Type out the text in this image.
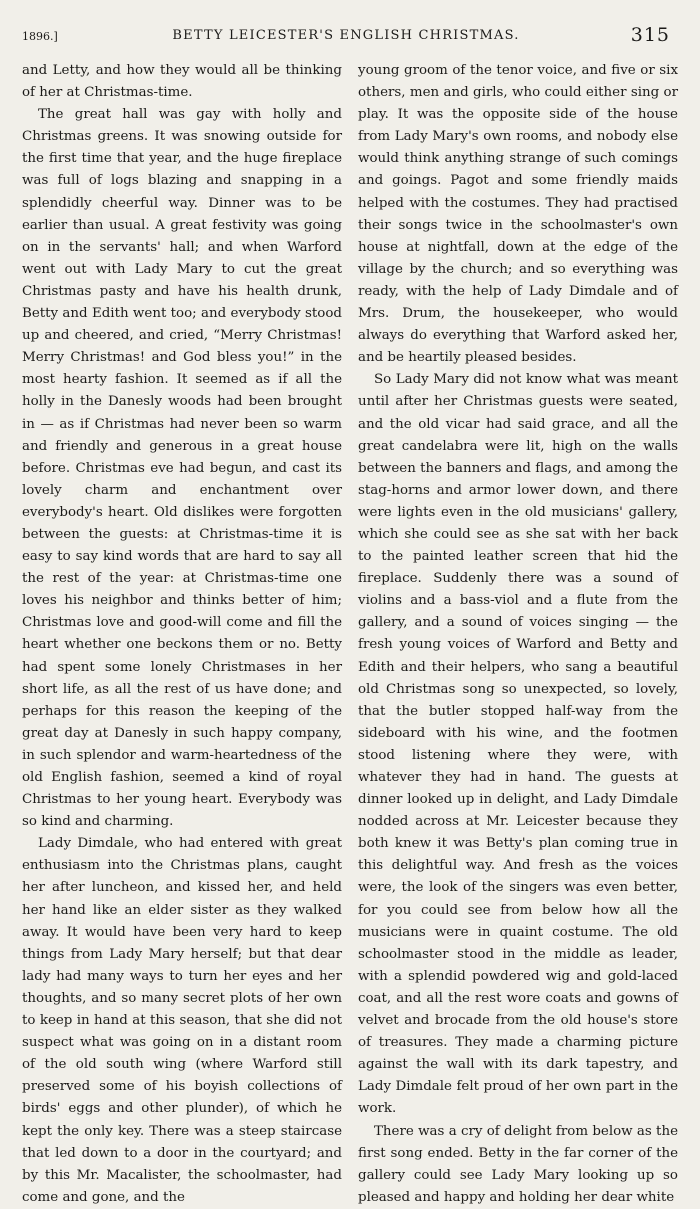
1896.]	BETTY LEICESTER'S ENGLISH CHRISTMAS.	315

and Letty, and how they would all be thinking of her at Christmas-time.

The great hall was gay with holly and Christmas greens. It was snowing outside for the first time that year, and the huge fireplace was full of logs blazing and snapping in a splendidly cheerful way. Dinner was to be earlier than usual. A great festivity was going on in the servants' hall; and when Warford went out with Lady Mary to cut the great Christmas pasty and have his health drunk, Betty and Edith went too; and everybody stood up and cheered, and cried, “Merry Christmas! Merry Christmas! and God bless you!” in the most hearty fashion. It seemed as if all the holly in the Danesly woods had been brought in — as if Christmas had never been so warm and friendly and generous in a great house before. Christmas eve had begun, and cast its lovely charm and enchantment over everybody's heart. Old dislikes were forgotten between the guests: at Christmas-time it is easy to say kind words that are hard to say all the rest of the year: at Christmas-time one loves his neighbor and thinks better of him; Christmas love and good-will come and fill the heart whether one beckons them or no. Betty had spent some lonely Christmases in her short life, as all the rest of us have done; and perhaps for this reason the keeping of the great day at Danesly in such happy company, in such splendor and warm-heartedness of the old English fashion, seemed a kind of royal Christmas to her young heart. Everybody was so kind and charming.

Lady Dimdale, who had entered with great enthusiasm into the Christmas plans, caught her after luncheon, and kissed her, and held her hand like an elder sister as they walked away. It would have been very hard to keep things from Lady Mary herself; but that dear lady had many ways to turn her eyes and her thoughts, and so many secret plots of her own to keep in hand at this season, that she did not suspect what was going on in a distant room of the old south wing (where Warford still preserved some of his boyish collections of birds' eggs and other plunder), of which he kept the only key. There was a steep staircase that led down to a door in the courtyard; and by this Mr. Macalister, the schoolmaster, had come and gone, and the

young groom of the tenor voice, and five or six others, men and girls, who could either sing or play. It was the opposite side of the house from Lady Mary's own rooms, and nobody else would think anything strange of such comings and goings. Pagot and some friendly maids helped with the costumes. They had practised their songs twice in the schoolmaster's own house at nightfall, down at the edge of the village by the church; and so everything was ready, with the help of Lady Dimdale and of Mrs. Drum, the housekeeper, who would always do everything that Warford asked her, and be heartily pleased besides.

So Lady Mary did not know what was meant until after her Christmas guests were seated, and the old vicar had said grace, and all the great candelabra were lit, high on the walls between the banners and flags, and among the stag-horns and armor lower down, and there were lights even in the old musicians' gallery, which she could see as she sat with her back to the painted leather screen that hid the fireplace. Suddenly there was a sound of violins and a bass-viol and a flute from the gallery, and a sound of voices singing — the fresh young voices of Warford and Betty and Edith and their helpers, who sang a beautiful old Christmas song so unexpected, so lovely, that the butler stopped half-way from the sideboard with his wine, and the footmen stood listening where they were, with whatever they had in hand. The guests at dinner looked up in delight, and Lady Dimdale nodded across at Mr. Leicester because they both knew it was Betty's plan coming true in this delightful way. And fresh as the voices were, the look of the singers was even better, for you could see from below how all the musicians were in quaint costume. The old schoolmaster stood in the middle as leader, with a splendid powdered wig and gold-laced coat, and all the rest wore coats and gowns of velvet and brocade from the old house's store of treasures. They made a charming picture against the wall with its dark tapestry, and Lady Dimdale felt proud of her own part in the work.

There was a cry of delight from below as the first song ended. Betty in the far corner of the gallery could see Lady Mary looking up so pleased and happy and holding her dear white
